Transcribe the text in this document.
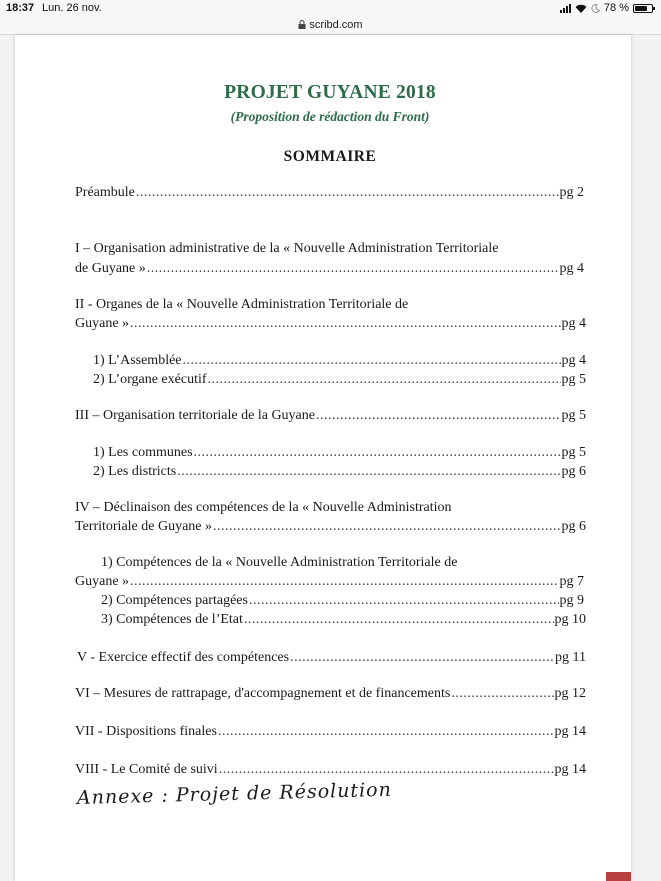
18:37 Lun. 26 nov.	78 %
scribd.com
PROJET GUYANE 2018
(Proposition de rédaction du Front)
SOMMAIRE
Préambule .....	pg 2
I – Organisation administrative de la « Nouvelle Administration Territoriale
de Guyane » .....	pg 4
II - Organes de la « Nouvelle Administration Territoriale de
Guyane » .....	pg 4
1) L’Assemblée .....	pg 4
2) L’organe exécutif .....	pg 5
III – Organisation territoriale de la Guyane .....	pg 5
1) Les communes .....	pg 5
2) Les districts .....	pg 6
IV – Déclinaison des compétences de la « Nouvelle Administration
Territoriale de Guyane » .....	pg 6
1) Compétences de la « Nouvelle Administration Territoriale de
Guyane » .....	pg 7
2) Compétences partagées .....	pg 9
3) Compétences de l’Etat .....	pg 10
V - Exercice effectif des compétences .....	pg 11
VI – Mesures de rattrapage, d'accompagnement et de financements .....	pg 12
VII - Dispositions finales .....	pg 14
VIII - Le Comité de suivi .....	pg 14
Annexe : Projet de Résolution
